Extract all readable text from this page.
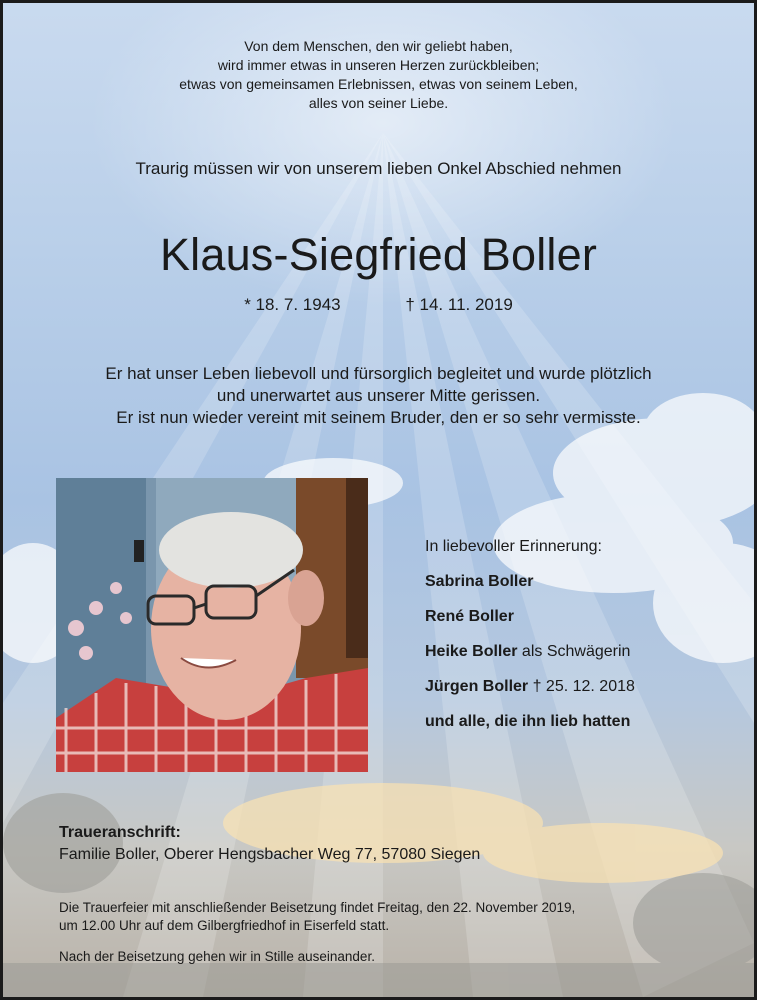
Von dem Menschen, den wir geliebt haben,
wird immer etwas in unseren Herzen zurückbleiben;
etwas von gemeinsamen Erlebnissen, etwas von seinem Leben,
alles von seiner Liebe.
Traurig müssen wir von unserem lieben Onkel Abschied nehmen
Klaus-Siegfried Boller
* 18. 7. 1943	† 14. 11. 2019
Er hat unser Leben liebevoll und fürsorglich begleitet und wurde plötzlich
und unerwartet aus unserer Mitte gerissen.
Er ist nun wieder vereint mit seinem Bruder, den er so sehr vermisste.
In liebevoller Erinnerung:
Sabrina Boller
René Boller
Heike Boller als Schwägerin
Jürgen Boller † 25. 12. 2018
und alle, die ihn lieb hatten
Traueranschrift:
Familie Boller, Oberer Hengsbacher Weg 77, 57080 Siegen
Die Trauerfeier mit anschließender Beisetzung findet Freitag, den 22. November 2019,
um 12.00 Uhr auf dem Gilbergfriedhof in Eiserfeld statt.
Nach der Beisetzung gehen wir in Stille auseinander.
